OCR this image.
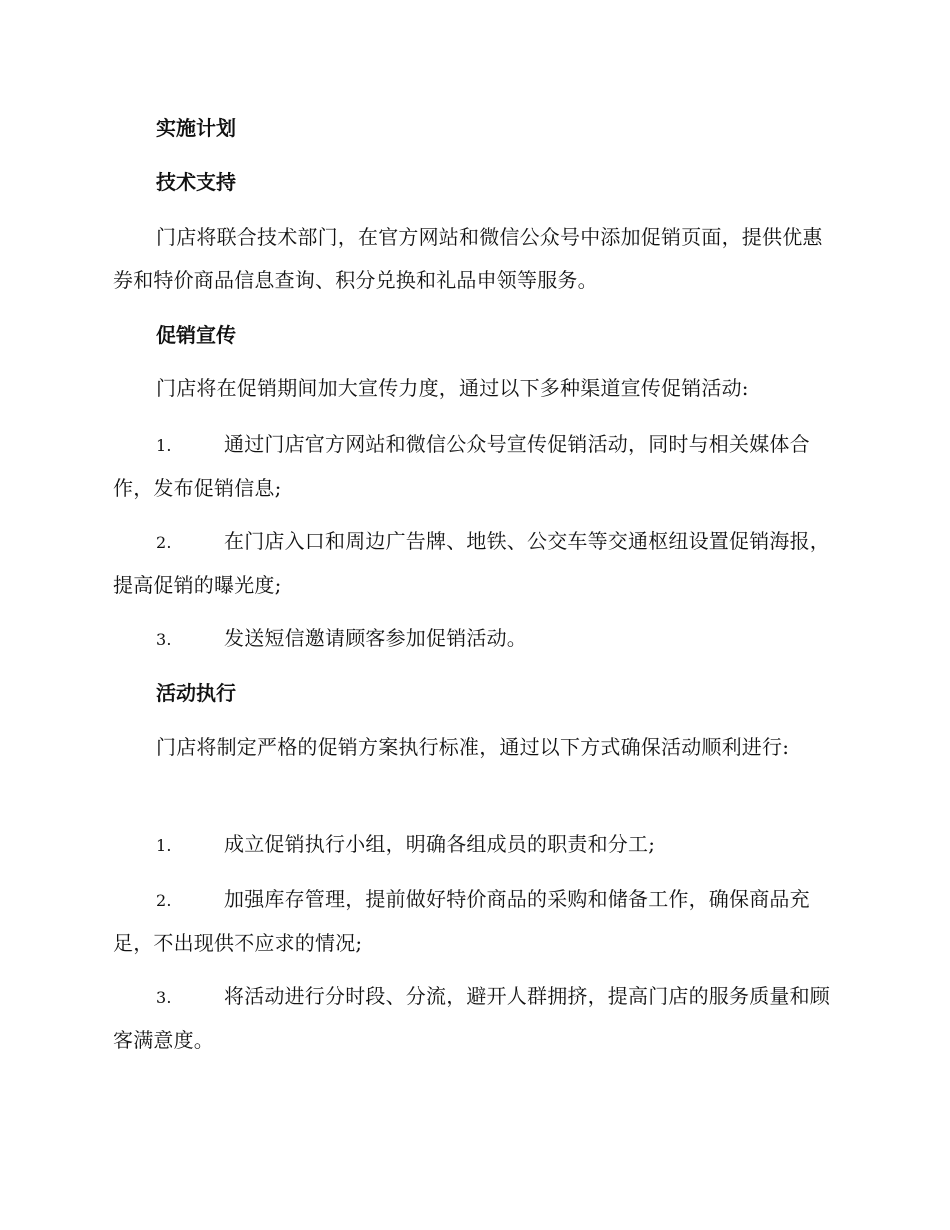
实施计划
技术支持

门店将联合技术部门，在官方网站和微信公众号中添加促销页面，提供优惠券和特价商品信息查询、积分兑换和礼品申领等服务。

促销宣传

门店将在促销期间加大宣传力度，通过以下多种渠道宣传促销活动:

1.	通过门店官方网站和微信公众号宣传促销活动，同时与相关媒体合作，发布促销信息;

2.	在门店入口和周边广告牌、地铁、公交车等交通枢纽设置促销海报，提高促销的曝光度;

3.	发送短信邀请顾客参加促销活动。

活动执行

门店将制定严格的促销方案执行标准，通过以下方式确保活动顺利进行:

1.	成立促销执行小组，明确各组成员的职责和分工;

2.	加强库存管理，提前做好特价商品的采购和储备工作，确保商品充足，不出现供不应求的情况;

3.	将活动进行分时段、分流，避开人群拥挤，提高门店的服务质量和顾客满意度。
